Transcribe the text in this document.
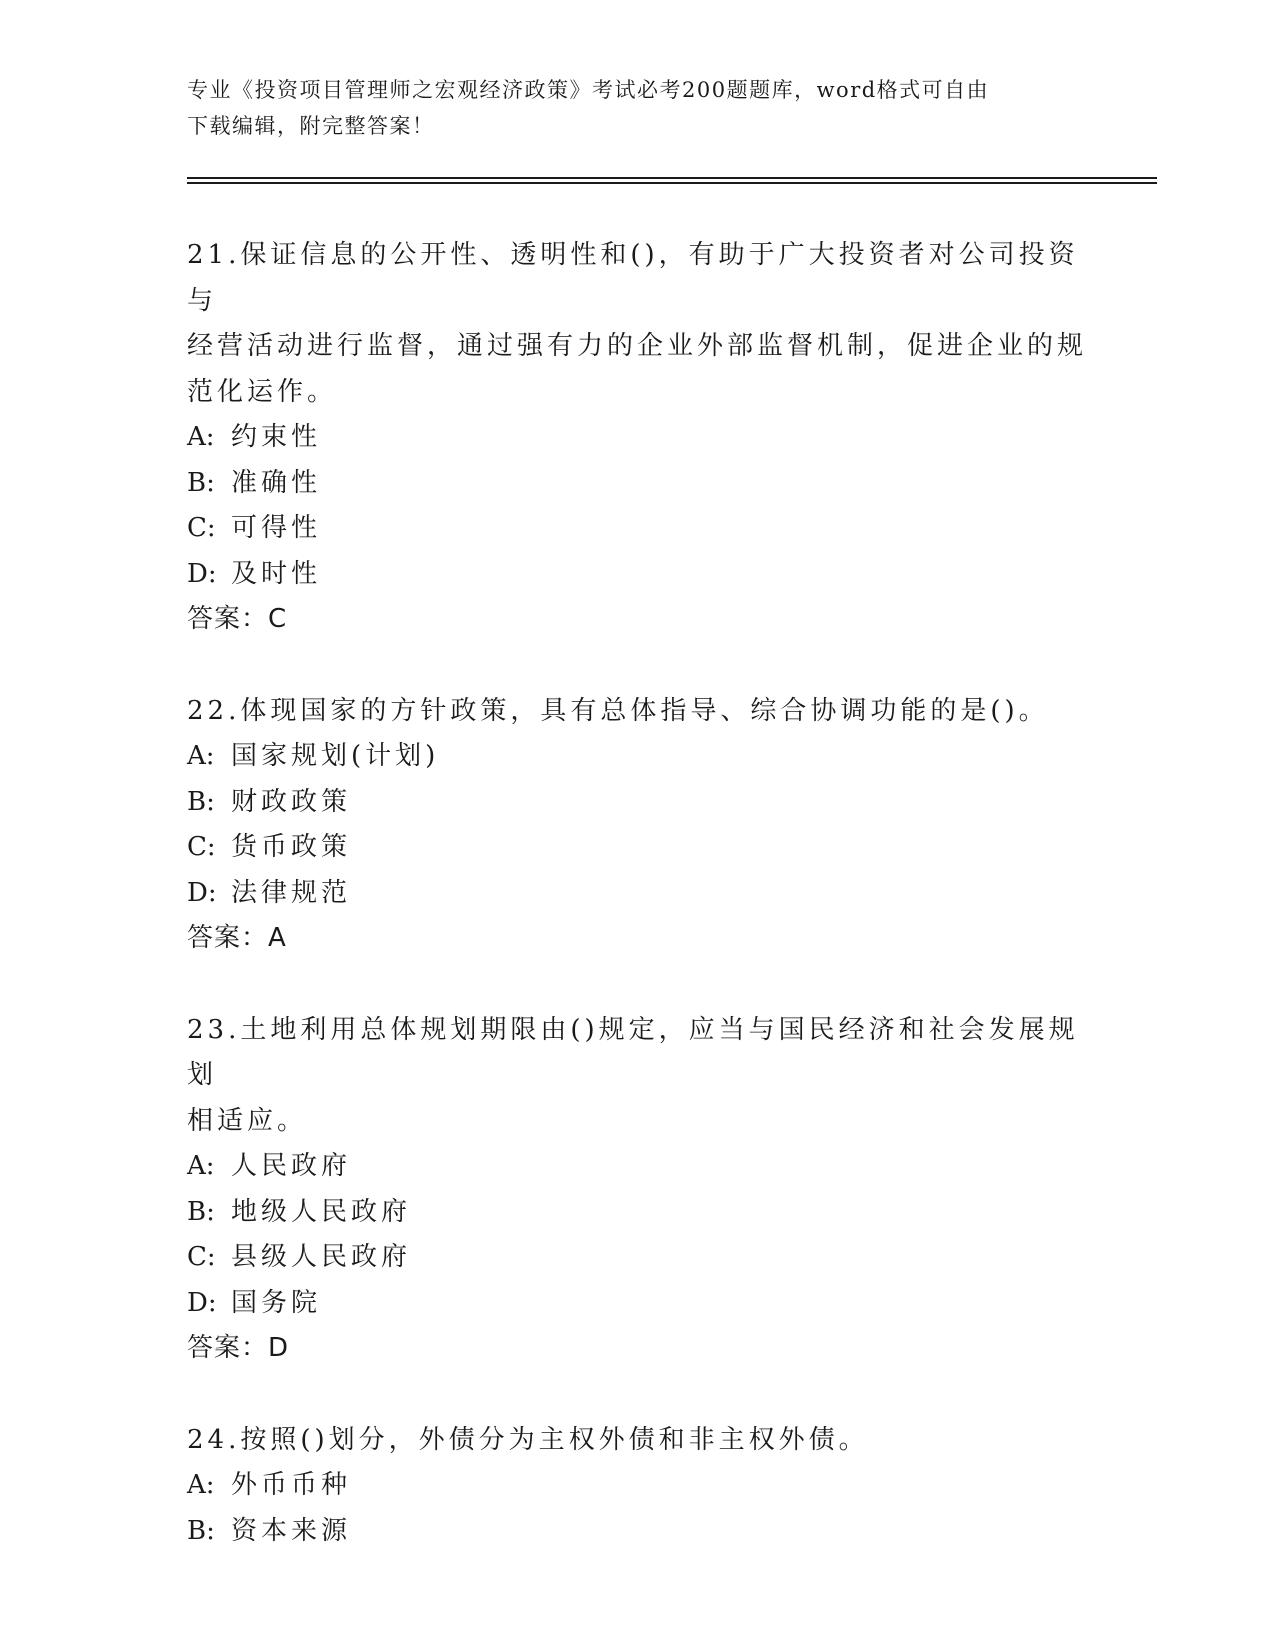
专业《投资项目管理师之宏观经济政策》考试必考200题题库，word格式可自由
下载编辑，附完整答案！
21.保证信息的公开性、透明性和()，有助于广大投资者对公司投资与
经营活动进行监督，通过强有力的企业外部监督机制，促进企业的规
范化运作。
A: 约束性
B: 准确性
C: 可得性
D: 及时性
答案：C
22.体现国家的方针政策，具有总体指导、综合协调功能的是()。
A: 国家规划(计划)
B: 财政政策
C: 货币政策
D: 法律规范
答案：A
23.土地利用总体规划期限由()规定，应当与国民经济和社会发展规划
相适应。
A: 人民政府
B: 地级人民政府
C: 县级人民政府
D: 国务院
答案：D
24.按照()划分，外债分为主权外债和非主权外债。
A: 外币币种
B: 资本来源
